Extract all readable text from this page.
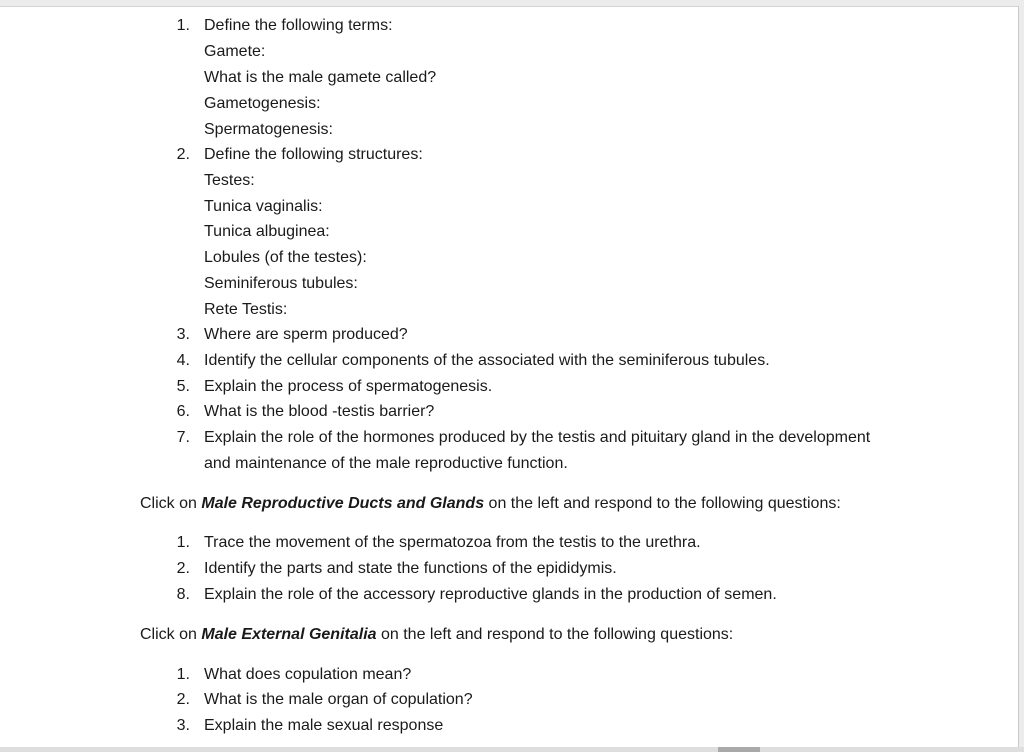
1. Define the following terms:
Gamete:
What is the male gamete called?
Gametogenesis:
Spermatogenesis:
2. Define the following structures:
Testes:
Tunica vaginalis:
Tunica albuginea:
Lobules (of the testes):
Seminiferous tubules:
Rete Testis:
3. Where are sperm produced?
4. Identify the cellular components of the associated with the seminiferous tubules.
5. Explain the process of spermatogenesis.
6. What is the blood -testis barrier?
7. Explain the role of the hormones produced by the testis and pituitary gland in the development
and maintenance of the male reproductive function.
Click on Male Reproductive Ducts and Glands on the left and respond to the following questions:
1. Trace the movement of the spermatozoa from the testis to the urethra.
2. Identify the parts and state the functions of the epididymis.
8. Explain the role of the accessory reproductive glands in the production of semen.
Click on Male External Genitalia on the left and respond to the following questions:
1. What does copulation mean?
2. What is the male organ of copulation?
3. Explain the male sexual response
